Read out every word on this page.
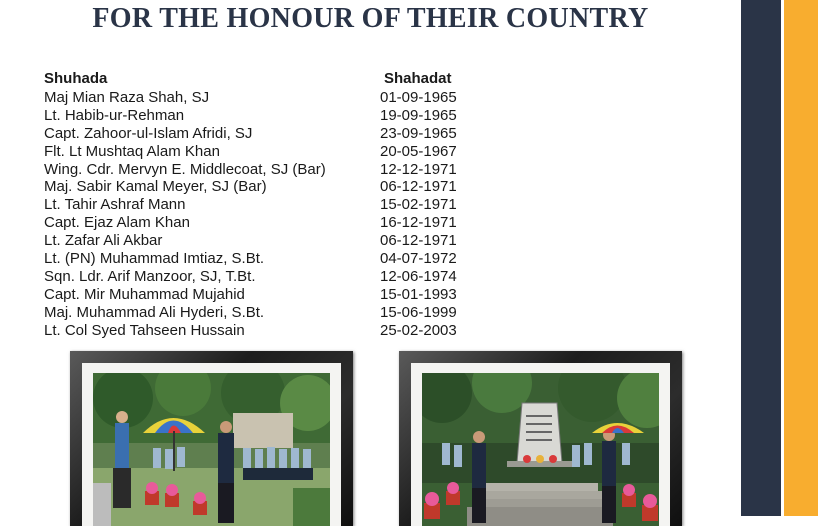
FOR THE HONOUR OF THEIR COUNTRY
Shuhada	Shahadat
Maj Mian Raza Shah, SJ	01-09-1965
Lt. Habib-ur-Rehman	19-09-1965
Capt. Zahoor-ul-Islam Afridi, SJ	23-09-1965
Flt. Lt Mushtaq Alam Khan	20-05-1967
Wing. Cdr. Mervyn E. Middlecoat, SJ (Bar)	12-12-1971
Maj. Sabir Kamal Meyer, SJ (Bar)	06-12-1971
Lt. Tahir Ashraf Mann	15-02-1971
Capt. Ejaz Alam Khan	16-12-1971
Lt. Zafar Ali Akbar	06-12-1971
Lt. (PN) Muhammad Imtiaz, S.Bt.	04-07-1972
Sqn. Ldr. Arif Manzoor, SJ, T.Bt.	12-06-1974
Capt. Mir Muhammad Mujahid	15-01-1993
Maj. Muhammad Ali Hyderi, S.Bt.	15-06-1999
Lt. Col Syed Tahseen Hussain	25-02-2003
